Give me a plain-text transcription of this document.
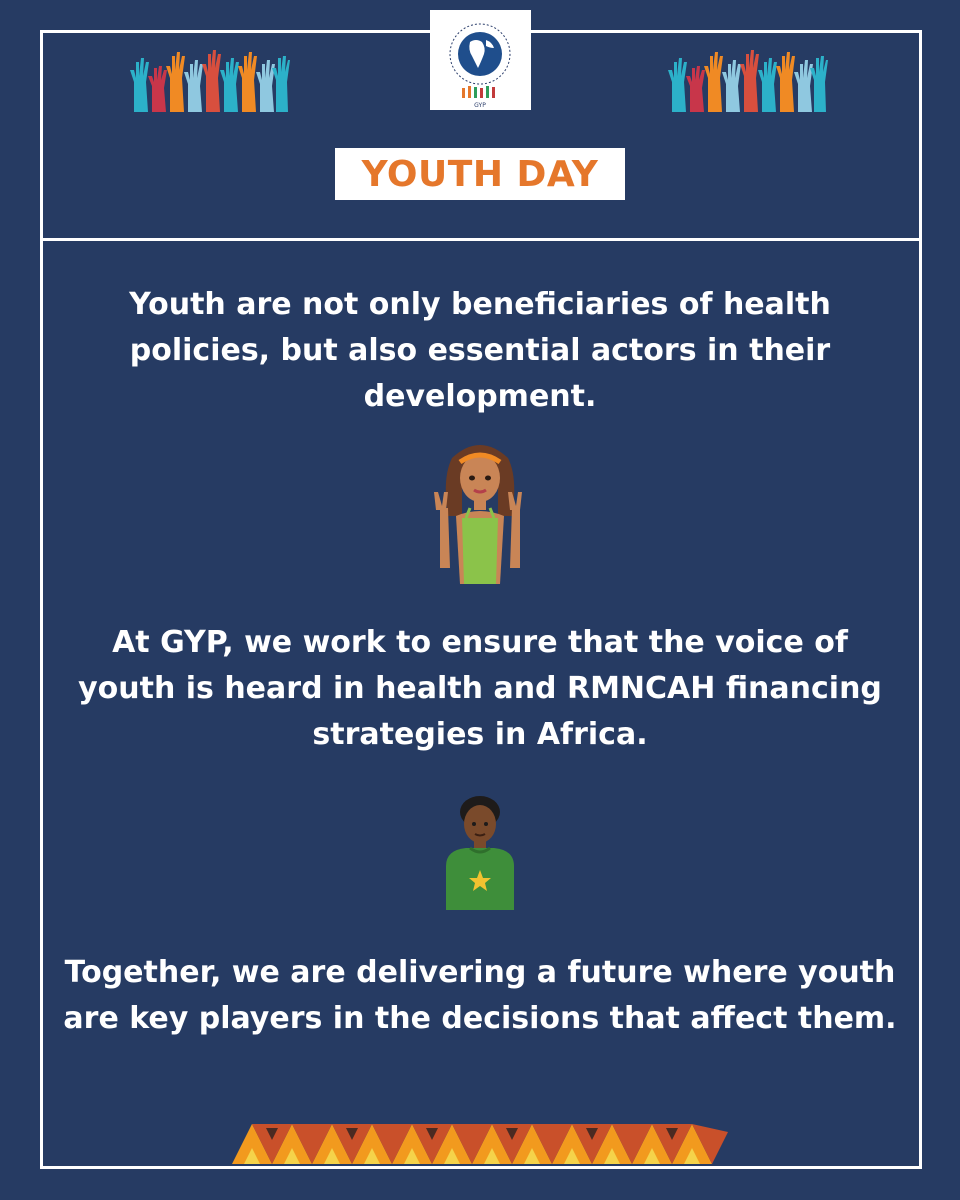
GYP
YOUTH DAY
Youth are not only beneficiaries of health policies, but also essential actors in their development.
At GYP, we work to ensure that the voice of youth is heard in health and RMNCAH financing strategies in Africa.
Together, we are delivering a future where youth are key players in the decisions that affect them.
